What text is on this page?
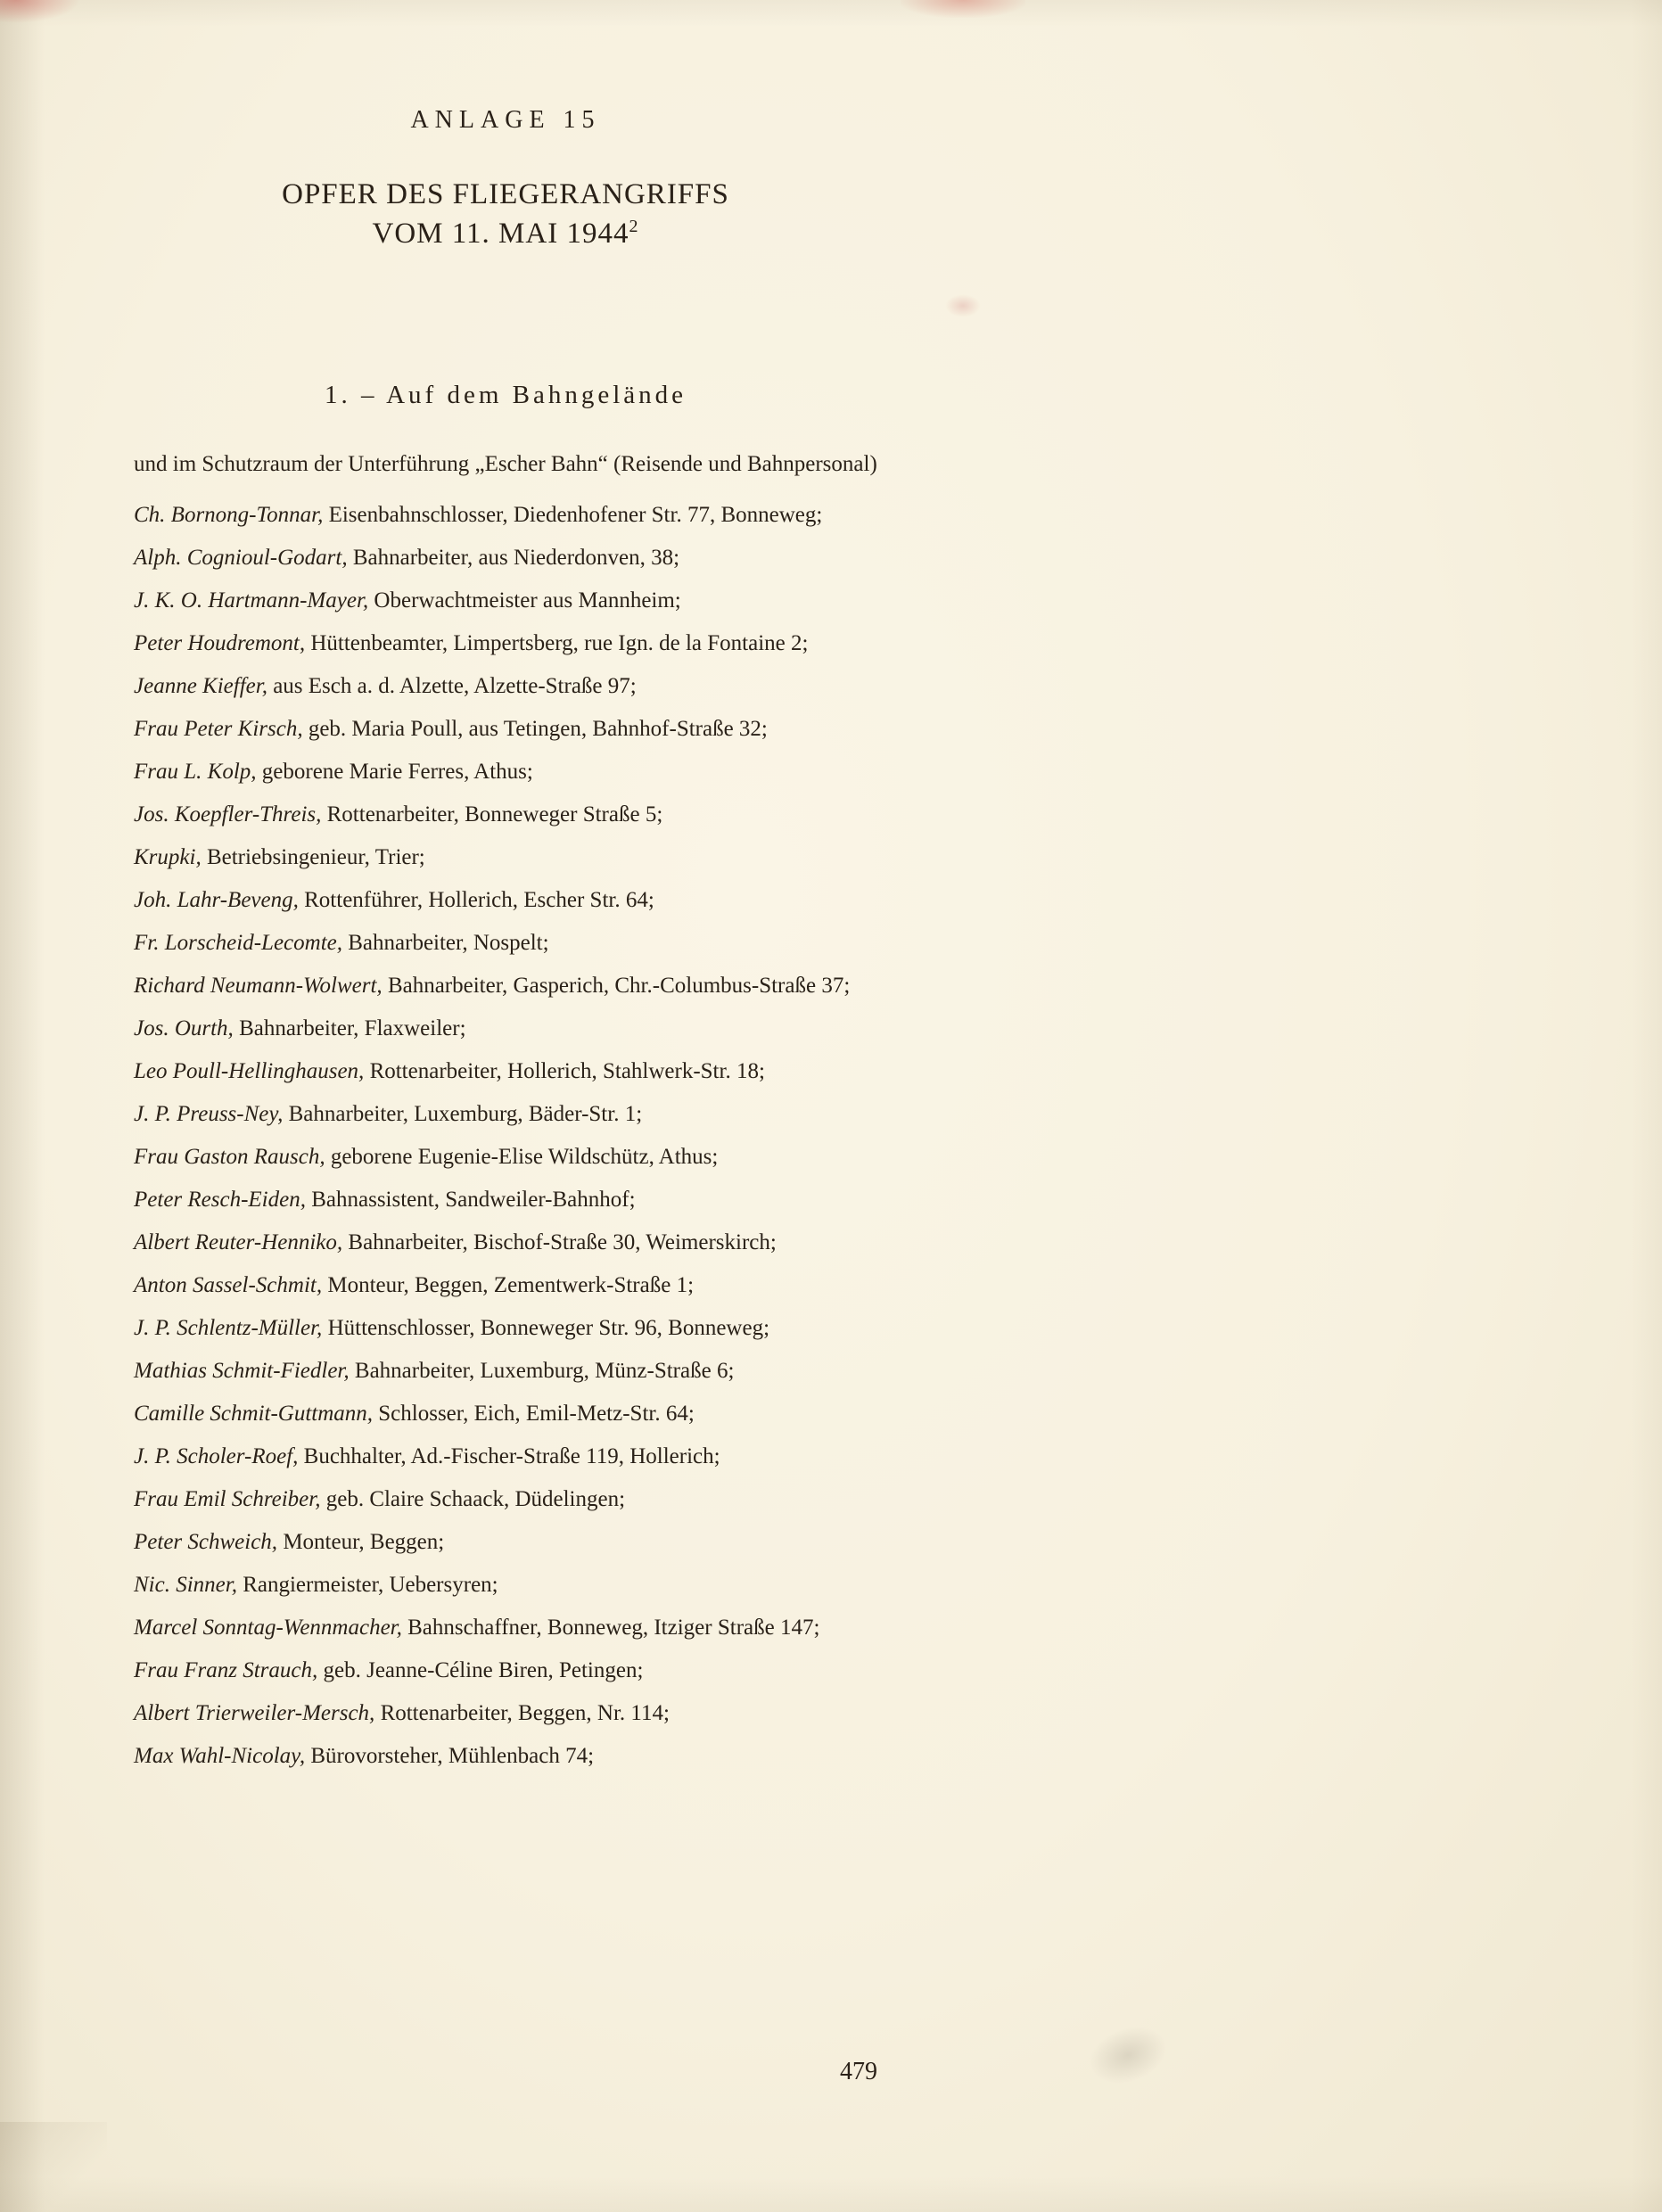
ANLAGE 15

OPFER DES FLIEGERANGRIFFS
VOM 11. MAI 1944$^2$
1. – Auf dem Bahngelände

und im Schutzraum der Unterführung „Escher Bahn“ (Reisende und Bahnpersonal)

Ch. Bornong-Tonnar, Eisenbahnschlosser, Diedenhofener Str. 77, Bonneweg;

Alph. Cognioul-Godart, Bahnarbeiter, aus Niederdonven, 38;

J. K. O. Hartmann-Mayer, Oberwachtmeister aus Mannheim;

Peter Houdremont, Hüttenbeamter, Limpertsberg, rue Ign. de la Fontaine 2;

Jeanne Kieffer, aus Esch a. d. Alzette, Alzette-Straße 97;

Frau Peter Kirsch, geb. Maria Poull, aus Tetingen, Bahnhof-Straße 32;

Frau L. Kolp, geborene Marie Ferres, Athus;

Jos. Koepfler-Threis, Rottenarbeiter, Bonneweger Straße 5;

Krupki, Betriebsingenieur, Trier;

Joh. Lahr-Beveng, Rottenführer, Hollerich, Escher Str. 64;

Fr. Lorscheid-Lecomte, Bahnarbeiter, Nospelt;

Richard Neumann-Wolwert, Bahnarbeiter, Gasperich, Chr.-Columbus-Straße 37;

Jos. Ourth, Bahnarbeiter, Flaxweiler;

Leo Poull-Hellinghausen, Rottenarbeiter, Hollerich, Stahlwerk-Str. 18;

J. P. Preuss-Ney, Bahnarbeiter, Luxemburg, Bäder-Str. 1;

Frau Gaston Rausch, geborene Eugenie-Elise Wildschütz, Athus;

Peter Resch-Eiden, Bahnassistent, Sandweiler-Bahnhof;

Albert Reuter-Henniko, Bahnarbeiter, Bischof-Straße 30, Weimerskirch;

Anton Sassel-Schmit, Monteur, Beggen, Zementwerk-Straße 1;

J. P. Schlentz-Müller, Hüttenschlosser, Bonneweger Str. 96, Bonneweg;

Mathias Schmit-Fiedler, Bahnarbeiter, Luxemburg, Münz-Straße 6;

Camille Schmit-Guttmann, Schlosser, Eich, Emil-Metz-Str. 64;

J. P. Scholer-Roef, Buchhalter, Ad.-Fischer-Straße 119, Hollerich;

Frau Emil Schreiber, geb. Claire Schaack, Düdelingen;

Peter Schweich, Monteur, Beggen;

Nic. Sinner, Rangiermeister, Uebersyren;

Marcel Sonntag-Wennmacher, Bahnschaffner, Bonneweg, Itziger Straße 147;

Frau Franz Strauch, geb. Jeanne-Céline Biren, Petingen;

Albert Trierweiler-Mersch, Rottenarbeiter, Beggen, Nr. 114;

Max Wahl-Nicolay, Bürovorsteher, Mühlenbach 74;

479
